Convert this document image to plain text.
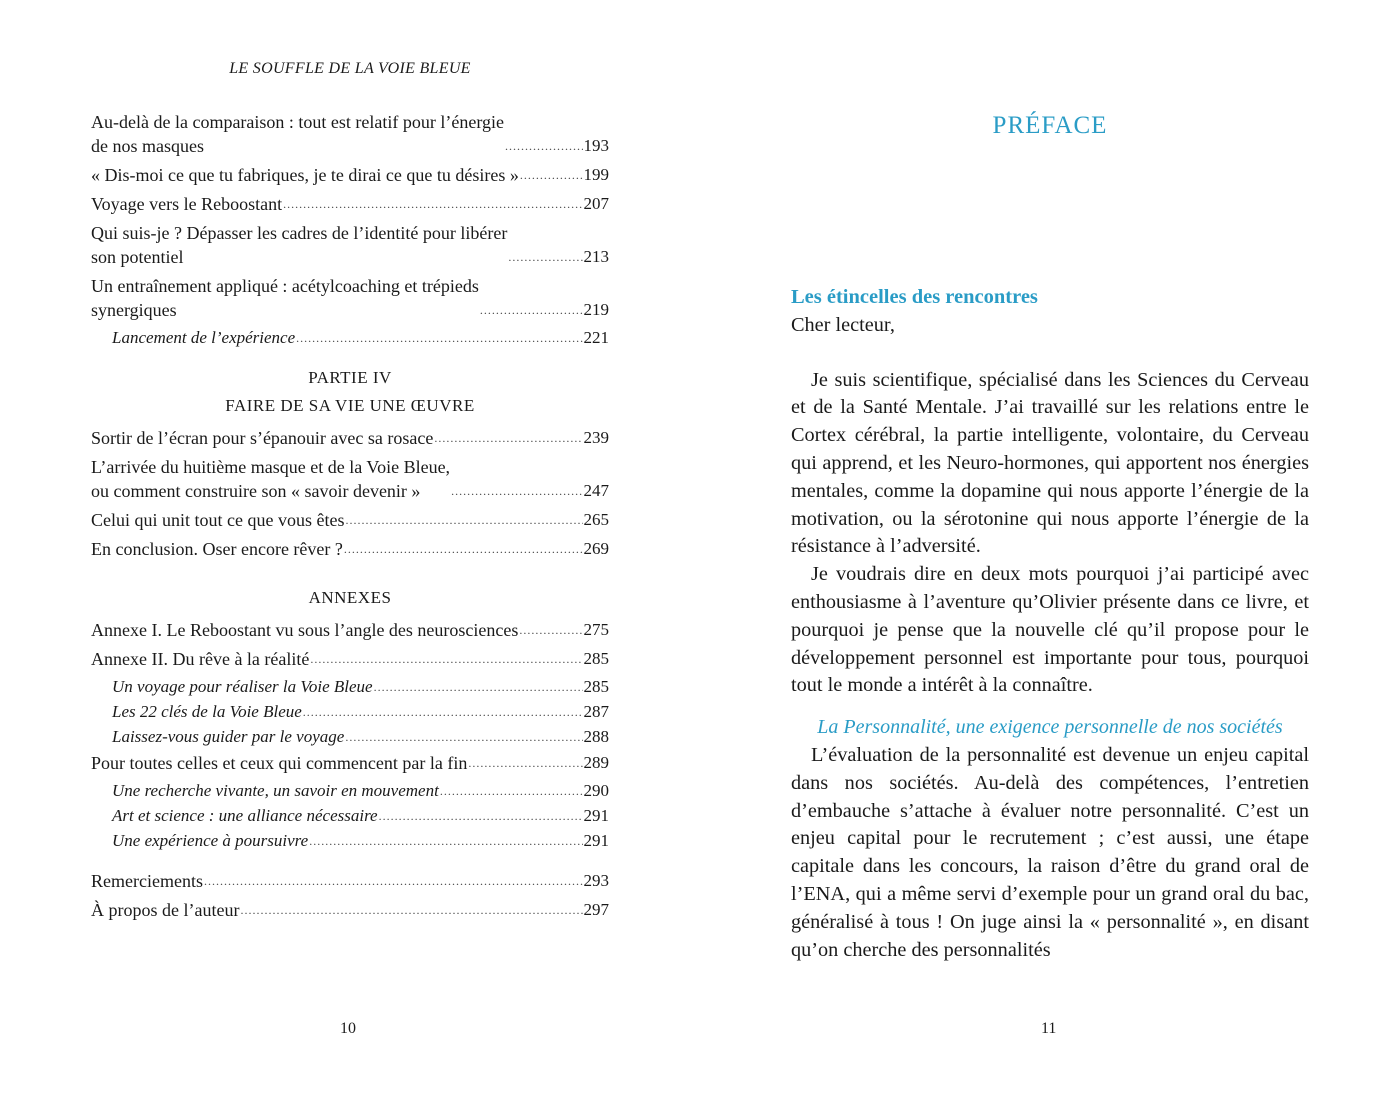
LE SOUFFLE DE LA VOIE BLEUE
Au-delà de la comparaison : tout est relatif pour l’énergie
de nos masques .....	193
« Dis-moi ce que tu fabriques, je te dirai ce que tu désires » .....	199
Voyage vers le Reboostant .....	207
Qui suis-je ? Dépasser les cadres de l’identité pour libérer
son potentiel .....	213
Un entraînement appliqué : acétylcoaching et trépieds
synergiques .....	219
Lancement de l’expérience .....	221
PARTIE IV
FAIRE DE SA VIE UNE ŒUVRE
Sortir de l’écran pour s’épanouir avec sa rosace .....	239
L’arrivée du huitième masque et de la Voie Bleue,
ou comment construire son « savoir devenir » .....	247
Celui qui unit tout ce que vous êtes .....	265
En conclusion. Oser encore rêver ? .....	269
ANNEXES
Annexe I. Le Reboostant vu sous l’angle des neurosciences .....	275
Annexe II. Du rêve à la réalité .....	285
Un voyage pour réaliser la Voie Bleue .....	285
Les 22 clés de la Voie Bleue .....	287
Laissez-vous guider par le voyage .....	288
Pour toutes celles et ceux qui commencent par la fin .....	289
Une recherche vivante, un savoir en mouvement .....	290
Art et science : une alliance nécessaire .....	291
Une expérience à poursuivre .....	291
Remerciements .....	293
À propos de l’auteur .....	297
10
PRÉFACE
Les étincelles des rencontres
Cher lecteur,
Je suis scientifique, spécialisé dans les Sciences du Cerveau et de la Santé Mentale. J’ai travaillé sur les relations entre le Cortex cérébral, la partie intelligente, volontaire, du Cerveau qui apprend, et les Neuro-hormones, qui apportent nos énergies mentales, comme la dopamine qui nous apporte l’énergie de la motivation, ou la sérotonine qui nous apporte l’énergie de la résistance à l’adversité.
Je voudrais dire en deux mots pourquoi j’ai participé avec enthousiasme à l’aventure qu’Olivier présente dans ce livre, et pourquoi je pense que la nouvelle clé qu’il propose pour le développement personnel est importante pour tous, pourquoi tout le monde a intérêt à la connaître.
La Personnalité, une exigence personnelle de nos sociétés
L’évaluation de la personnalité est devenue un enjeu capital dans nos sociétés. Au-delà des compétences, l’entretien d’embauche s’attache à évaluer notre personnalité. C’est un enjeu capital pour le recrutement ; c’est aussi, une étape capitale dans les concours, la raison d’être du grand oral de l’ENA, qui a même servi d’exemple pour un grand oral du bac, généralisé à tous ! On juge ainsi la « personnalité », en disant qu’on cherche des personnalités
11
